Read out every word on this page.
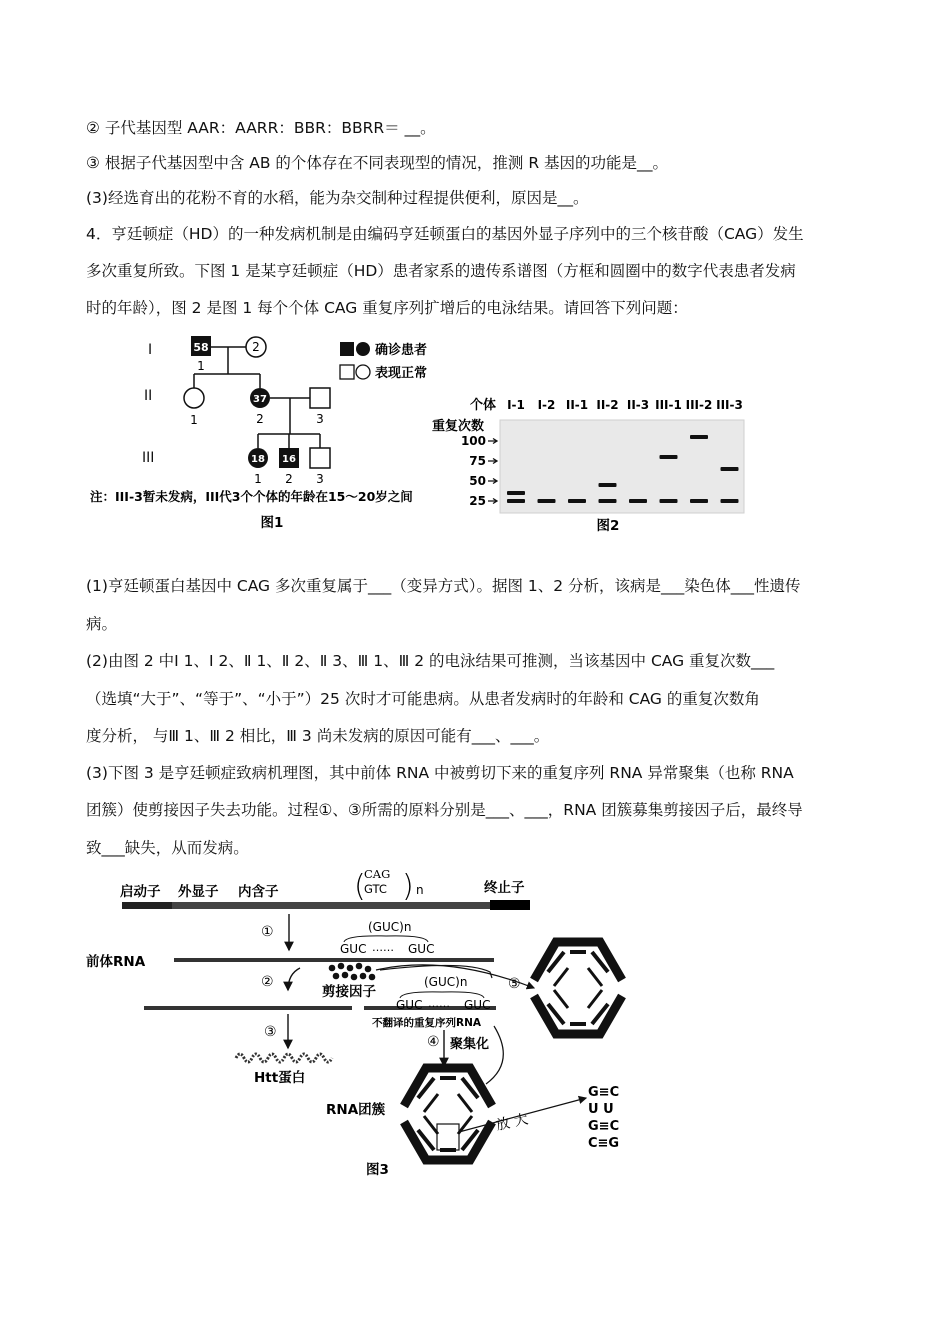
② 子代基因型 AAR：AARR：BBR：BBRR＝ __。
③ 根据子代基因型中含 AB 的个体存在不同表现型的情况，推测 R 基因的功能是__。
(3)经选育出的花粉不育的水稻，能为杂交制种过程提供便利，原因是__。
4．亨廷顿症（HD）的一种发病机制是由编码亨廷顿蛋白的基因外显子序列中的三个核苷酸（CAG）发生
多次重复所致。下图 1 是某亨廷顿症（HD）患者家系的遗传系谱图（方框和圆圈中的数字代表患者发病
时的年龄），图 2 是图 1 每个个体 CAG 重复序列扩增后的电泳结果。请回答下列问题：
I
II
III
58
1
2
1
37
2	3
18
1
16
2 3
确诊患者
表现正常
注：III-3暂未发病，III代3个个体的年龄在15～20岁之间
图1
个体
重复次数
I-1 I-2 II-1 II-2 II-3 III-1 III-2 III-3
100
75
50
25
图2
(1)亨廷顿蛋白基因中 CAG 多次重复属于___（变异方式）。据图 1、2 分析，该病是___染色体___性遗传
病。
(2)由图 2 中Ⅰ 1、Ⅰ 2、Ⅱ 1、Ⅱ 2、Ⅱ 3、Ⅲ 1、Ⅲ 2 的电泳结果可推测，当该基因中 CAG 重复次数___
（选填“大于”、“等于”、“小于”）25 次时才可能患病。从患者发病时的年龄和 CAG 的重复次数角
度分析， 与Ⅲ 1、Ⅲ 2 相比，Ⅲ 3 尚未发病的原因可能有___、___。
(3)下图 3 是亨廷顿症致病机理图，其中前体 RNA 中被剪切下来的重复序列 RNA 异常聚集（也称 RNA
团簇）使剪接因子失去功能。过程①、③所需的原料分别是___、___，RNA 团簇募集剪接因子后，最终导
致___缺失，从而发病。
启动子 外显子 内含子	终止子
( )
CAG
GTC n
①
前体RNA
(GUC)n
GUC …… GUC
②
剪接因子
(GUC)n
GUC …… GUC
不翻译的重复序列RNA
⑤
④ 聚集化
③
Htt蛋白
RNA团簇
放 大
G≡C
U U
G≡C
C≡G
图3
